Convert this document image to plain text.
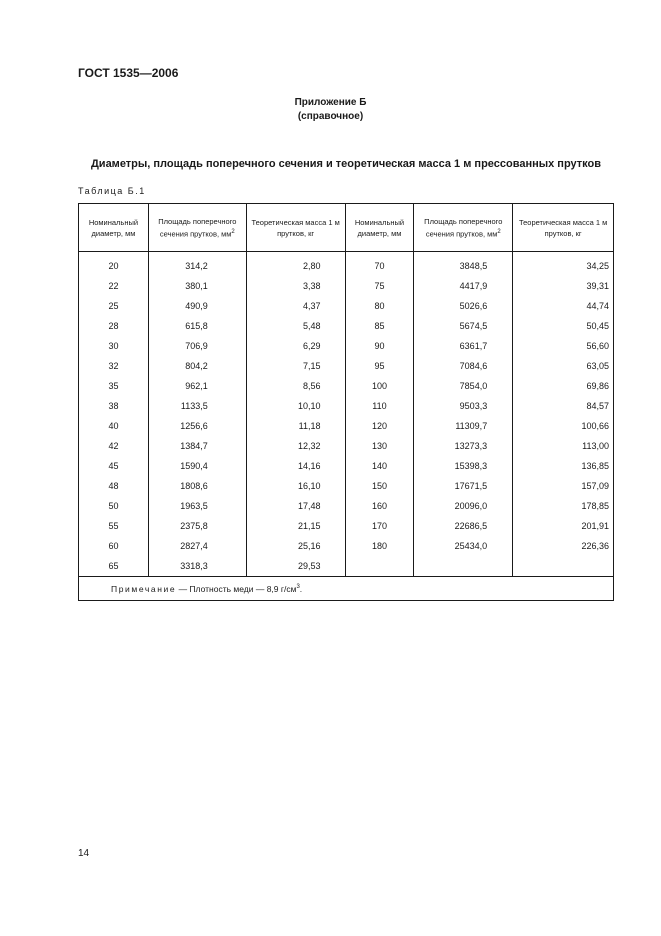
ГОСТ 1535—2006
Приложение Б
(справочное)
Диаметры, площадь поперечного сечения и теоретическая масса 1 м прессованных прутков
Таблица Б.1
Номинальный диаметр, мм	Площадь поперечного сечения прутков, $мм^2$	Теоретическая масса 1 м прутков, кг	Номинальный диаметр, мм	Площадь поперечного сечения прутков, $мм^2$	Теоретическая масса 1 м прутков, кг

20	314,2	2,80	70	3848,5	34,25
22	380,1	3,38	75	4417,9	39,31
25	490,9	4,37	80	5026,6	44,74
28	615,8	5,48	85	5674,5	50,45
30	706,9	6,29	90	6361,7	56,60
32	804,2	7,15	95	7084,6	63,05
35	962,1	8,56	100	7854,0	69,86
38	1133,5	10,10	110	9503,3	84,57
40	1256,6	11,18	120	11309,7	100,66
42	1384,7	12,32	130	13273,3	113,00
45	1590,4	14,16	140	15398,3	136,85
48	1808,6	16,10	150	17671,5	157,09
50	1963,5	17,48	160	20096,0	178,85
55	2375,8	21,15	170	22686,5	201,91
60	2827,4	25,16	180	25434,0	226,36
65	3318,3	29,53			
Примечание — Плотность меди — 8,9 $г/см^3$.					
14
